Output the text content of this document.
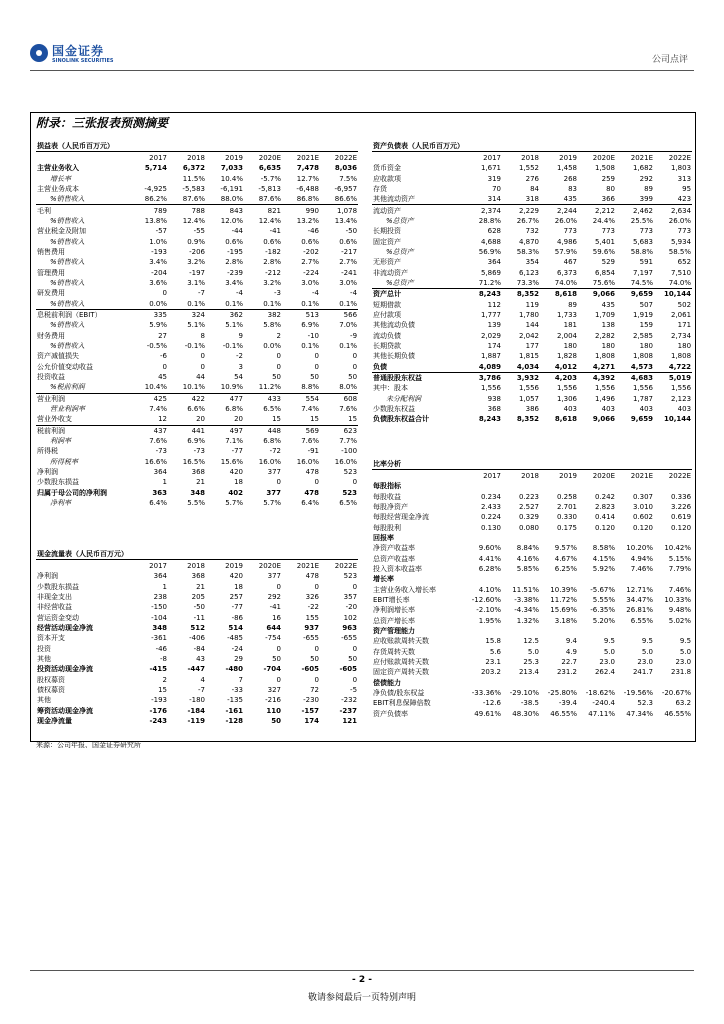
国金证券
SINOLINK SECURITIES	公司点评
附录：三张报表预测摘要
损益表（人民币百万元）						
	2017	2018	2019	2020E	2021E	2022E
主营业务收入	5,714	6,372	7,033	6,635	7,478	8,036
增长率		11.5%	10.4%	-5.7%	12.7%	7.5%
主营业务成本	-4,925	-5,583	-6,191	-5,813	-6,488	-6,957
%销售收入	86.2%	87.6%	88.0%	87.6%	86.8%	86.6%
毛利	789	788	843	821	990	1,078
%销售收入	13.8%	12.4%	12.0%	12.4%	13.2%	13.4%
营业税金及附加	-57	-55	-44	-41	-46	-50
%销售收入	1.0%	0.9%	0.6%	0.6%	0.6%	0.6%
销售费用	-193	-206	-195	-182	-202	-217
%销售收入	3.4%	3.2%	2.8%	2.8%	2.7%	2.7%
管理费用	-204	-197	-239	-212	-224	-241
%销售收入	3.6%	3.1%	3.4%	3.2%	3.0%	3.0%
研发费用	0	-7	-4	-3	-4	-4
%销售收入	0.0%	0.1%	0.1%	0.1%	0.1%	0.1%
息税前利润（EBIT）	335	324	362	382	513	566
%销售收入	5.9%	5.1%	5.1%	5.8%	6.9%	7.0%
财务费用	27	8	9	2	-10	-9
%销售收入	-0.5%	-0.1%	-0.1%	0.0%	0.1%	0.1%
资产减值损失	-6	0	-2	0	0	0
公允价值变动收益	0	0	3	0	0	0
投资收益	45	44	54	50	50	50
%税前利润	10.4%	10.1%	10.9%	11.2%	8.8%	8.0%
营业利润	425	422	477	433	554	608
营业利润率	7.4%	6.6%	6.8%	6.5%	7.4%	7.6%
营业外收支	12	20	20	15	15	15
税前利润	437	441	497	448	569	623
利润率	7.6%	6.9%	7.1%	6.8%	7.6%	7.7%
所得税	-73	-73	-77	-72	-91	-100
所得税率	16.6%	16.5%	15.6%	16.0%	16.0%	16.0%
净利润	364	368	420	377	478	523
少数股东损益	1	21	18	0	0	0
归属于母公司的净利润	363	348	402	377	478	523
净利率	6.4%	5.5%	5.7%	5.7%	6.4%	6.5%
现金流量表（人民币百万元）						
	2017	2018	2019	2020E	2021E	2022E
净利润	364	368	420	377	478	523
少数股东损益	1	21	18	0	0	0
非现金支出	238	205	257	292	326	357
非经营收益	-150	-50	-77	-41	-22	-20
营运资金变动	-104	-11	-86	16	155	102
经营活动现金净流	348	512	514	644	937	963
资本开支	-361	-406	-485	-754	-655	-655
投资	-46	-84	-24	0	0	0
其他	-8	43	29	50	50	50
投资活动现金净流	-415	-447	-480	-704	-605	-605
股权募资	2	4	7	0	0	0
债权募资	15	-7	-33	327	72	-5
其他	-193	-180	-135	-216	-230	-232
筹资活动现金净流	-176	-184	-161	110	-157	-237
现金净流量	-243	-119	-128	50	174	121
资产负债表（人民币百万元）						
	2017	2018	2019	2020E	2021E	2022E
货币资金	1,671	1,552	1,458	1,508	1,682	1,803
应收款项	319	276	268	259	292	313
存货	70	84	83	80	89	95
其他流动资产	314	318	435	366	399	423
流动资产	2,374	2,229	2,244	2,212	2,462	2,634
%总资产	28.8%	26.7%	26.0%	24.4%	25.5%	26.0%
长期投资	628	732	773	773	773	773
固定资产	4,688	4,870	4,986	5,401	5,683	5,934
%总资产	56.9%	58.3%	57.9%	59.6%	58.8%	58.5%
无形资产	364	354	467	529	591	652
非流动资产	5,869	6,123	6,373	6,854	7,197	7,510
%总资产	71.2%	73.3%	74.0%	75.6%	74.5%	74.0%
资产总计	8,243	8,352	8,618	9,066	9,659	10,144
短期借款	112	119	89	435	507	502
应付款项	1,777	1,780	1,733	1,709	1,919	2,061
其他流动负债	139	144	181	138	159	171
流动负债	2,029	2,042	2,004	2,282	2,585	2,734
长期贷款	174	177	180	180	180	180
其他长期负债	1,887	1,815	1,828	1,808	1,808	1,808
负债	4,089	4,034	4,012	4,271	4,573	4,722
普通股股东权益	3,786	3,932	4,203	4,392	4,683	5,019
其中：股本	1,556	1,556	1,556	1,556	1,556	1,556
未分配利润	938	1,057	1,306	1,496	1,787	2,123
少数股东权益	368	386	403	403	403	403
负债股东权益合计	8,243	8,352	8,618	9,066	9,659	10,144
比率分析						
	2017	2018	2019	2020E	2021E	2022E
每股指标						
每股收益	0.234	0.223	0.258	0.242	0.307	0.336
每股净资产	2.433	2.527	2.701	2.823	3.010	3.226
每股经营现金净流	0.224	0.329	0.330	0.414	0.602	0.619
每股股利	0.130	0.080	0.175	0.120	0.120	0.120
回报率						
净资产收益率	9.60%	8.84%	9.57%	8.58%	10.20%	10.42%
总资产收益率	4.41%	4.16%	4.67%	4.15%	4.94%	5.15%
投入资本收益率	6.28%	5.85%	6.25%	5.92%	7.46%	7.79%
增长率						
主营业务收入增长率	4.10%	11.51%	10.39%	-5.67%	12.71%	7.46%
EBIT增长率	-12.60%	-3.38%	11.72%	5.55%	34.47%	10.33%
净利润增长率	-2.10%	-4.34%	15.69%	-6.35%	26.81%	9.48%
总资产增长率	1.95%	1.32%	3.18%	5.20%	6.55%	5.02%
资产管理能力						
应收账款周转天数	15.8	12.5	9.4	9.5	9.5	9.5
存货周转天数	5.6	5.0	4.9	5.0	5.0	5.0
应付账款周转天数	23.1	25.3	22.7	23.0	23.0	23.0
固定资产周转天数	203.2	213.4	231.2	262.4	241.7	231.8
偿债能力						
净负债/股东权益	-33.36%	-29.10%	-25.80%	-18.62%	-19.56%	-20.67%
EBIT利息保障倍数	-12.6	-38.5	-39.4	-240.4	52.3	63.2
资产负债率	49.61%	48.30%	46.55%	47.11%	47.34%	46.55%
来源：公司年报、国金证券研究所
- 2 -
敬请参阅最后一页特别声明
